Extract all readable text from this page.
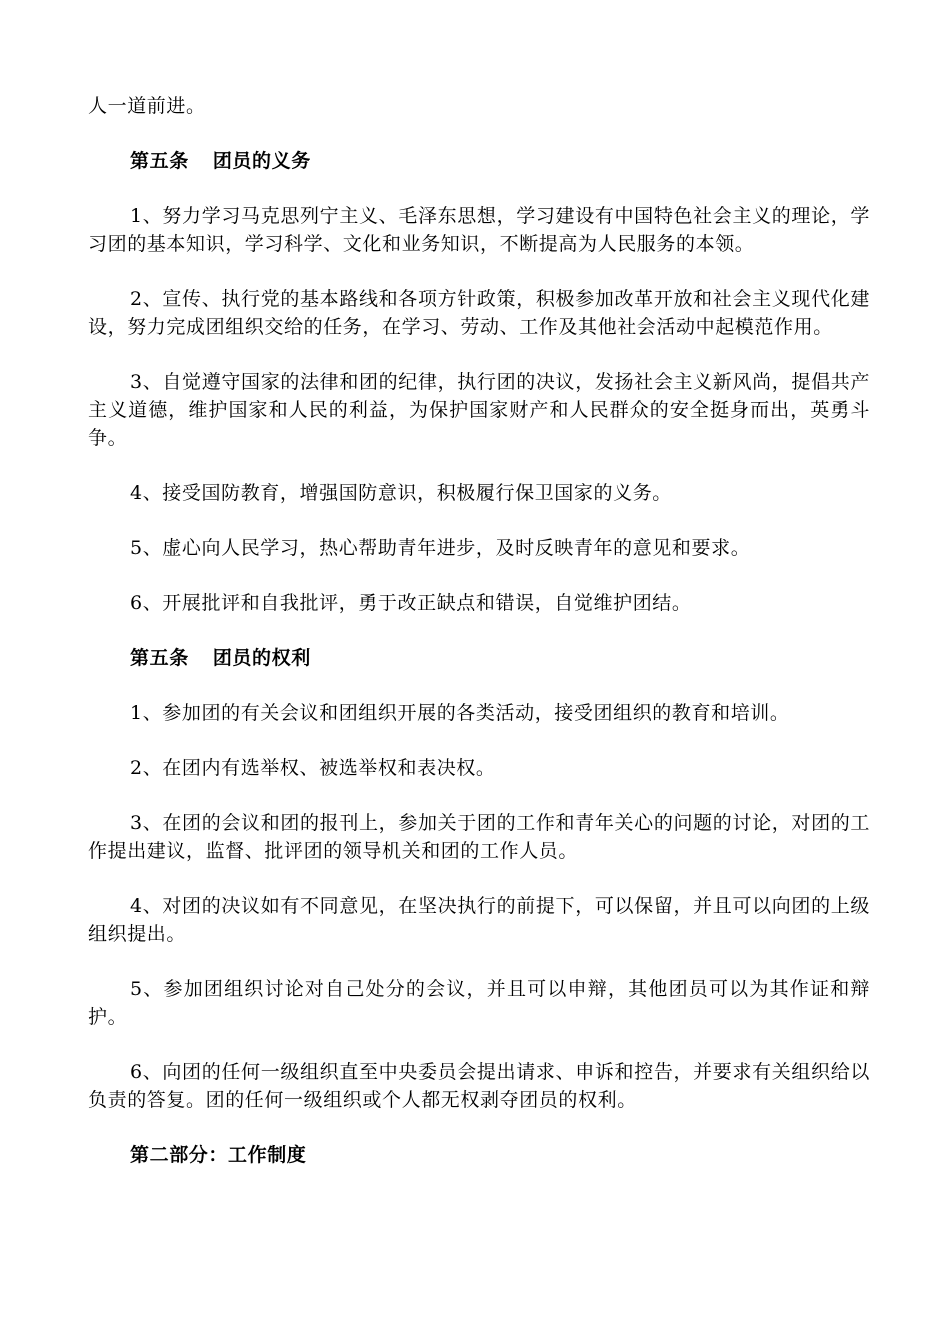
人一道前进。

第五条 团员的义务

1、努力学习马克思列宁主义、毛泽东思想，学习建设有中国特色社会主义的理论，学习团的基本知识，学习科学、文化和业务知识，不断提高为人民服务的本领。

2、宣传、执行党的基本路线和各项方针政策，积极参加改革开放和社会主义现代化建设，努力完成团组织交给的任务，在学习、劳动、工作及其他社会活动中起模范作用。

3、自觉遵守国家的法律和团的纪律，执行团的决议，发扬社会主义新风尚，提倡共产主义道德，维护国家和人民的利益，为保护国家财产和人民群众的安全挺身而出，英勇斗争。

4、接受国防教育，增强国防意识，积极履行保卫国家的义务。

5、虚心向人民学习，热心帮助青年进步，及时反映青年的意见和要求。

6、开展批评和自我批评，勇于改正缺点和错误，自觉维护团结。

第五条 团员的权利

1、参加团的有关会议和团组织开展的各类活动，接受团组织的教育和培训。

2、在团内有选举权、被选举权和表决权。

3、在团的会议和团的报刊上，参加关于团的工作和青年关心的问题的讨论，对团的工作提出建议，监督、批评团的领导机关和团的工作人员。

4、对团的决议如有不同意见，在坚决执行的前提下，可以保留，并且可以向团的上级组织提出。

5、参加团组织讨论对自己处分的会议，并且可以申辩，其他团员可以为其作证和辩护。

6、向团的任何一级组织直至中央委员会提出请求、申诉和控告，并要求有关组织给以负责的答复。团的任何一级组织或个人都无权剥夺团员的权利。

第二部分：工作制度
